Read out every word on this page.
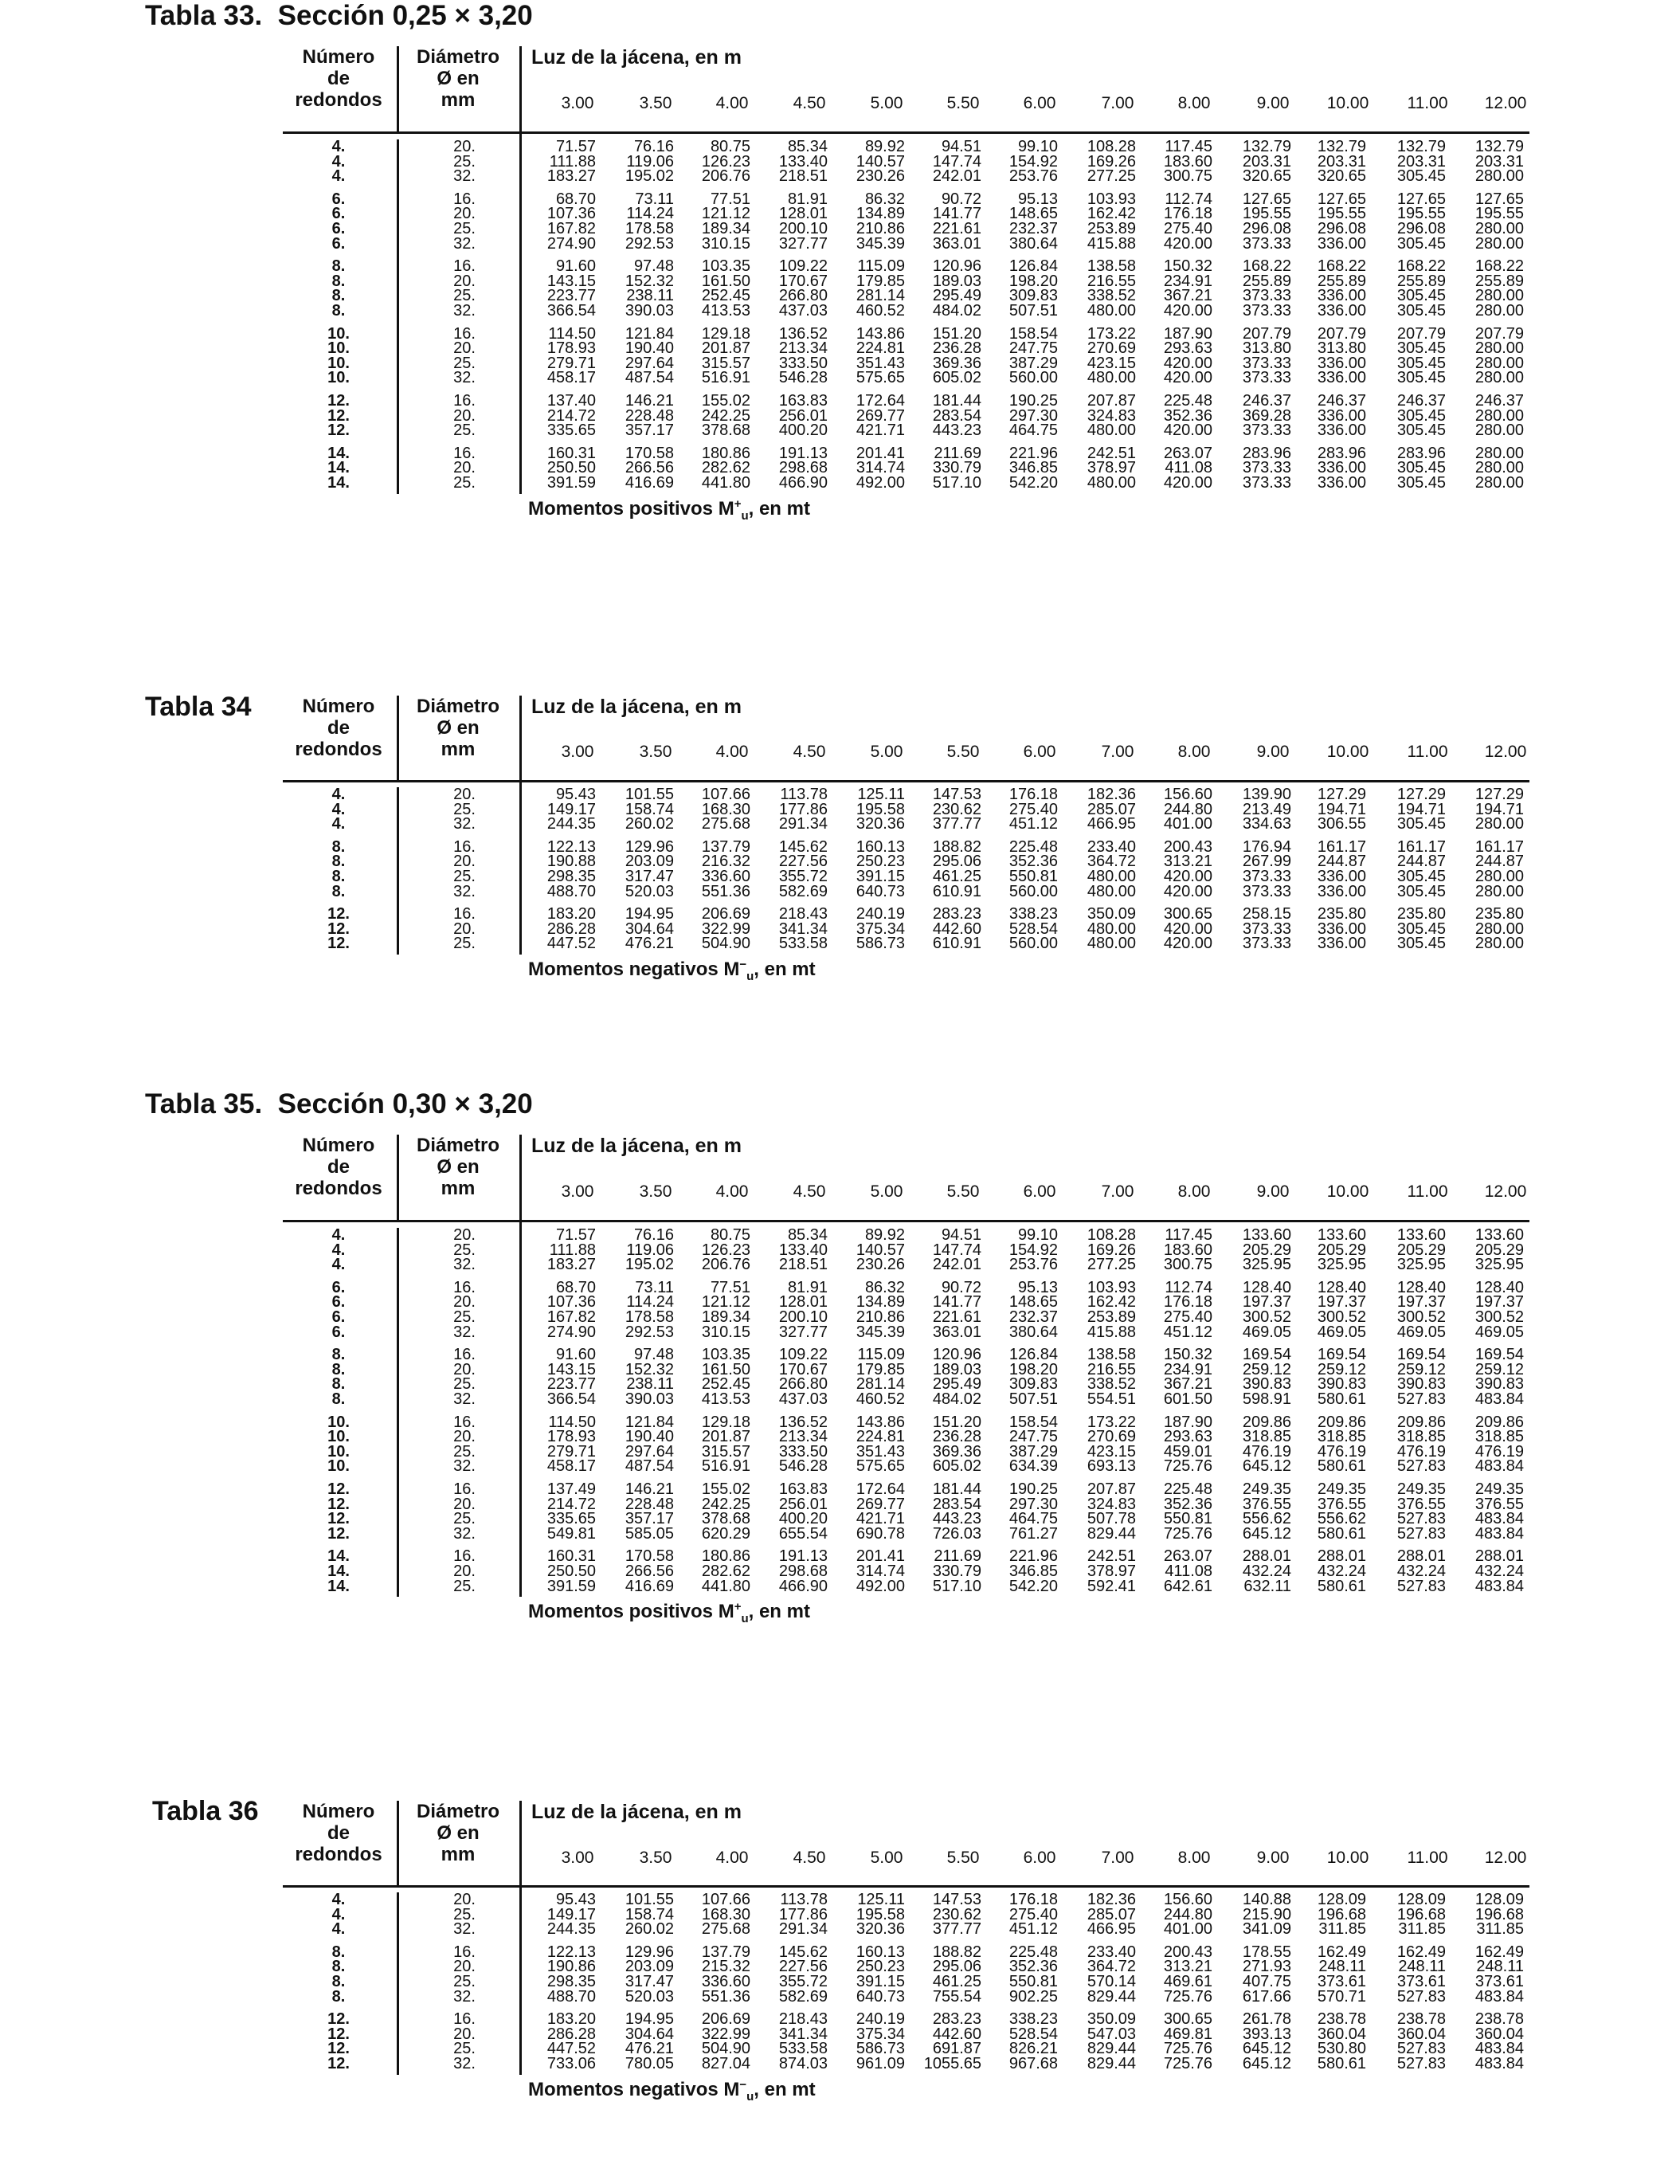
Tabla 33.  Sección 0,25 × 3,20
Número
de
redondos
Diámetro
Ø en
mm
Luz de la jácena, en m
3.00	3.50	4.00	4.50	5.00	5.50	6.00	7.00	8.00	9.00	10.00	11.00	12.00
4.	20.	71.57	76.16	80.75	85.34	89.92	94.51	99.10	108.28	117.45	132.79	132.79	132.79	132.79
4.	25.	111.88	119.06	126.23	133.40	140.57	147.74	154.92	169.26	183.60	203.31	203.31	203.31	203.31
4.	32.	183.27	195.02	206.76	218.51	230.26	242.01	253.76	277.25	300.75	320.65	320.65	305.45	280.00
6.	16.	68.70	73.11	77.51	81.91	86.32	90.72	95.13	103.93	112.74	127.65	127.65	127.65	127.65
6.	20.	107.36	114.24	121.12	128.01	134.89	141.77	148.65	162.42	176.18	195.55	195.55	195.55	195.55
6.	25.	167.82	178.58	189.34	200.10	210.86	221.61	232.37	253.89	275.40	296.08	296.08	296.08	280.00
6.	32.	274.90	292.53	310.15	327.77	345.39	363.01	380.64	415.88	420.00	373.33	336.00	305.45	280.00
8.	16.	91.60	97.48	103.35	109.22	115.09	120.96	126.84	138.58	150.32	168.22	168.22	168.22	168.22
8.	20.	143.15	152.32	161.50	170.67	179.85	189.03	198.20	216.55	234.91	255.89	255.89	255.89	255.89
8.	25.	223.77	238.11	252.45	266.80	281.14	295.49	309.83	338.52	367.21	373.33	336.00	305.45	280.00
8.	32.	366.54	390.03	413.53	437.03	460.52	484.02	507.51	480.00	420.00	373.33	336.00	305.45	280.00
10.	16.	114.50	121.84	129.18	136.52	143.86	151.20	158.54	173.22	187.90	207.79	207.79	207.79	207.79
10.	20.	178.93	190.40	201.87	213.34	224.81	236.28	247.75	270.69	293.63	313.80	313.80	305.45	280.00
10.	25.	279.71	297.64	315.57	333.50	351.43	369.36	387.29	423.15	420.00	373.33	336.00	305.45	280.00
10.	32.	458.17	487.54	516.91	546.28	575.65	605.02	560.00	480.00	420.00	373.33	336.00	305.45	280.00
12.	16.	137.40	146.21	155.02	163.83	172.64	181.44	190.25	207.87	225.48	246.37	246.37	246.37	246.37
12.	20.	214.72	228.48	242.25	256.01	269.77	283.54	297.30	324.83	352.36	369.28	336.00	305.45	280.00
12.	25.	335.65	357.17	378.68	400.20	421.71	443.23	464.75	480.00	420.00	373.33	336.00	305.45	280.00
14.	16.	160.31	170.58	180.86	191.13	201.41	211.69	221.96	242.51	263.07	283.96	283.96	283.96	280.00
14.	20.	250.50	266.56	282.62	298.68	314.74	330.79	346.85	378.97	411.08	373.33	336.00	305.45	280.00
14.	25.	391.59	416.69	441.80	466.90	492.00	517.10	542.20	480.00	420.00	373.33	336.00	305.45	280.00
Momentos positivos $M^+_u$, en mt
Tabla 34	Número
de
redondos
Diámetro
Ø en
mm
Luz de la jácena, en m
3.00	3.50	4.00	4.50	5.00	5.50	6.00	7.00	8.00	9.00	10.00	11.00	12.00
4.	20.	95.43	101.55	107.66	113.78	125.11	147.53	176.18	182.36	156.60	139.90	127.29	127.29	127.29
4.	25.	149.17	158.74	168.30	177.86	195.58	230.62	275.40	285.07	244.80	213.49	194.71	194.71	194.71
4.	32.	244.35	260.02	275.68	291.34	320.36	377.77	451.12	466.95	401.00	334.63	306.55	305.45	280.00
8.	16.	122.13	129.96	137.79	145.62	160.13	188.82	225.48	233.40	200.43	176.94	161.17	161.17	161.17
8.	20.	190.88	203.09	216.32	227.56	250.23	295.06	352.36	364.72	313.21	267.99	244.87	244.87	244.87
8.	25.	298.35	317.47	336.60	355.72	391.15	461.25	550.81	480.00	420.00	373.33	336.00	305.45	280.00
8.	32.	488.70	520.03	551.36	582.69	640.73	610.91	560.00	480.00	420.00	373.33	336.00	305.45	280.00
12.	16.	183.20	194.95	206.69	218.43	240.19	283.23	338.23	350.09	300.65	258.15	235.80	235.80	235.80
12.	20.	286.28	304.64	322.99	341.34	375.34	442.60	528.54	480.00	420.00	373.33	336.00	305.45	280.00
12.	25.	447.52	476.21	504.90	533.58	586.73	610.91	560.00	480.00	420.00	373.33	336.00	305.45	280.00
Momentos negativos $M^-_u$, en mt
Tabla 35.  Sección 0,30 × 3,20
Número
de
redondos
Diámetro
Ø en
mm
Luz de la jácena, en m
3.00	3.50	4.00	4.50	5.00	5.50	6.00	7.00	8.00	9.00	10.00	11.00	12.00
4.	20.	71.57	76.16	80.75	85.34	89.92	94.51	99.10	108.28	117.45	133.60	133.60	133.60	133.60
4.	25.	111.88	119.06	126.23	133.40	140.57	147.74	154.92	169.26	183.60	205.29	205.29	205.29	205.29
4.	32.	183.27	195.02	206.76	218.51	230.26	242.01	253.76	277.25	300.75	325.95	325.95	325.95	325.95
6.	16.	68.70	73.11	77.51	81.91	86.32	90.72	95.13	103.93	112.74	128.40	128.40	128.40	128.40
6.	20.	107.36	114.24	121.12	128.01	134.89	141.77	148.65	162.42	176.18	197.37	197.37	197.37	197.37
6.	25.	167.82	178.58	189.34	200.10	210.86	221.61	232.37	253.89	275.40	300.52	300.52	300.52	300.52
6.	32.	274.90	292.53	310.15	327.77	345.39	363.01	380.64	415.88	451.12	469.05	469.05	469.05	469.05
8.	16.	91.60	97.48	103.35	109.22	115.09	120.96	126.84	138.58	150.32	169.54	169.54	169.54	169.54
8.	20.	143.15	152.32	161.50	170.67	179.85	189.03	198.20	216.55	234.91	259.12	259.12	259.12	259.12
8.	25.	223.77	238.11	252.45	266.80	281.14	295.49	309.83	338.52	367.21	390.83	390.83	390.83	390.83
8.	32.	366.54	390.03	413.53	437.03	460.52	484.02	507.51	554.51	601.50	598.91	580.61	527.83	483.84
10.	16.	114.50	121.84	129.18	136.52	143.86	151.20	158.54	173.22	187.90	209.86	209.86	209.86	209.86
10.	20.	178.93	190.40	201.87	213.34	224.81	236.28	247.75	270.69	293.63	318.85	318.85	318.85	318.85
10.	25.	279.71	297.64	315.57	333.50	351.43	369.36	387.29	423.15	459.01	476.19	476.19	476.19	476.19
10.	32.	458.17	487.54	516.91	546.28	575.65	605.02	634.39	693.13	725.76	645.12	580.61	527.83	483.84
12.	16.	137.49	146.21	155.02	163.83	172.64	181.44	190.25	207.87	225.48	249.35	249.35	249.35	249.35
12.	20.	214.72	228.48	242.25	256.01	269.77	283.54	297.30	324.83	352.36	376.55	376.55	376.55	376.55
12.	25.	335.65	357.17	378.68	400.20	421.71	443.23	464.75	507.78	550.81	556.62	556.62	527.83	483.84
12.	32.	549.81	585.05	620.29	655.54	690.78	726.03	761.27	829.44	725.76	645.12	580.61	527.83	483.84
14.	16.	160.31	170.58	180.86	191.13	201.41	211.69	221.96	242.51	263.07	288.01	288.01	288.01	288.01
14.	20.	250.50	266.56	282.62	298.68	314.74	330.79	346.85	378.97	411.08	432.24	432.24	432.24	432.24
14.	25.	391.59	416.69	441.80	466.90	492.00	517.10	542.20	592.41	642.61	632.11	580.61	527.83	483.84
Momentos positivos $M^+_u$, en mt
Tabla 36	Número
de
redondos
Diámetro
Ø en
mm
Luz de la jácena, en m
3.00	3.50	4.00	4.50	5.00	5.50	6.00	7.00	8.00	9.00	10.00	11.00	12.00
4.	20.	95.43	101.55	107.66	113.78	125.11	147.53	176.18	182.36	156.60	140.88	128.09	128.09	128.09
4.	25.	149.17	158.74	168.30	177.86	195.58	230.62	275.40	285.07	244.80	215.90	196.68	196.68	196.68
4.	32.	244.35	260.02	275.68	291.34	320.36	377.77	451.12	466.95	401.00	341.09	311.85	311.85	311.85
8.	16.	122.13	129.96	137.79	145.62	160.13	188.82	225.48	233.40	200.43	178.55	162.49	162.49	162.49
8.	20.	190.86	203.09	215.32	227.56	250.23	295.06	352.36	364.72	313.21	271.93	248.11	248.11	248.11
8.	25.	298.35	317.47	336.60	355.72	391.15	461.25	550.81	570.14	469.61	407.75	373.61	373.61	373.61
8.	32.	488.70	520.03	551.36	582.69	640.73	755.54	902.25	829.44	725.76	617.66	570.71	527.83	483.84
12.	16.	183.20	194.95	206.69	218.43	240.19	283.23	338.23	350.09	300.65	261.78	238.78	238.78	238.78
12.	20.	286.28	304.64	322.99	341.34	375.34	442.60	528.54	547.03	469.81	393.13	360.04	360.04	360.04
12.	25.	447.52	476.21	504.90	533.58	586.73	691.87	826.21	829.44	725.76	645.12	530.80	527.83	483.84
12.	32.	733.06	780.05	827.04	874.03	961.09	1055.65	967.68	829.44	725.76	645.12	580.61	527.83	483.84
Momentos negativos $M^-_u$, en mt
